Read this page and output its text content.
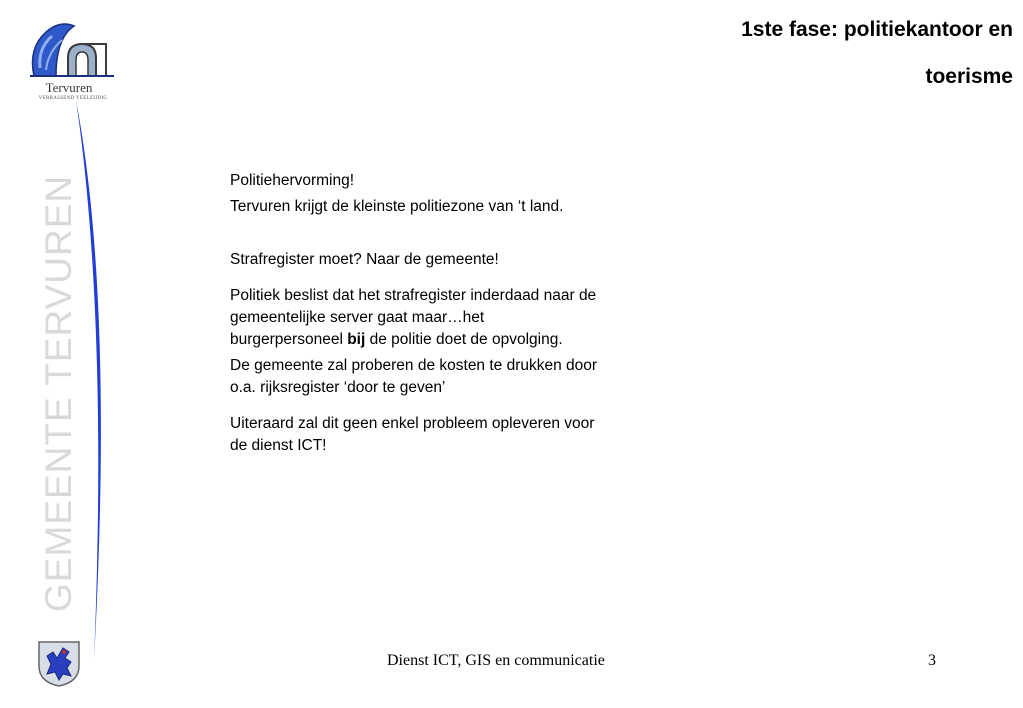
Tervuren
VERRASSEND VEELZIJDIG
GEMEENTE TERVUREN
1ste fase: politiekantoor en
toerisme

Politiehervorming!

Tervuren krijgt de kleinste politiezone van ‘t land.

Strafregister moet? Naar de gemeente!

Politiek beslist dat het strafregister inderdaad naar de
gemeentelijke server gaat maar…het
burgerpersoneel bij de politie doet de opvolging.

De gemeente zal proberen de kosten te drukken door
o.a. rijksregister ‘door te geven’

Uiteraard zal dit geen enkel probleem opleveren voor
de dienst ICT!

Dienst ICT, GIS en communicatie	3
